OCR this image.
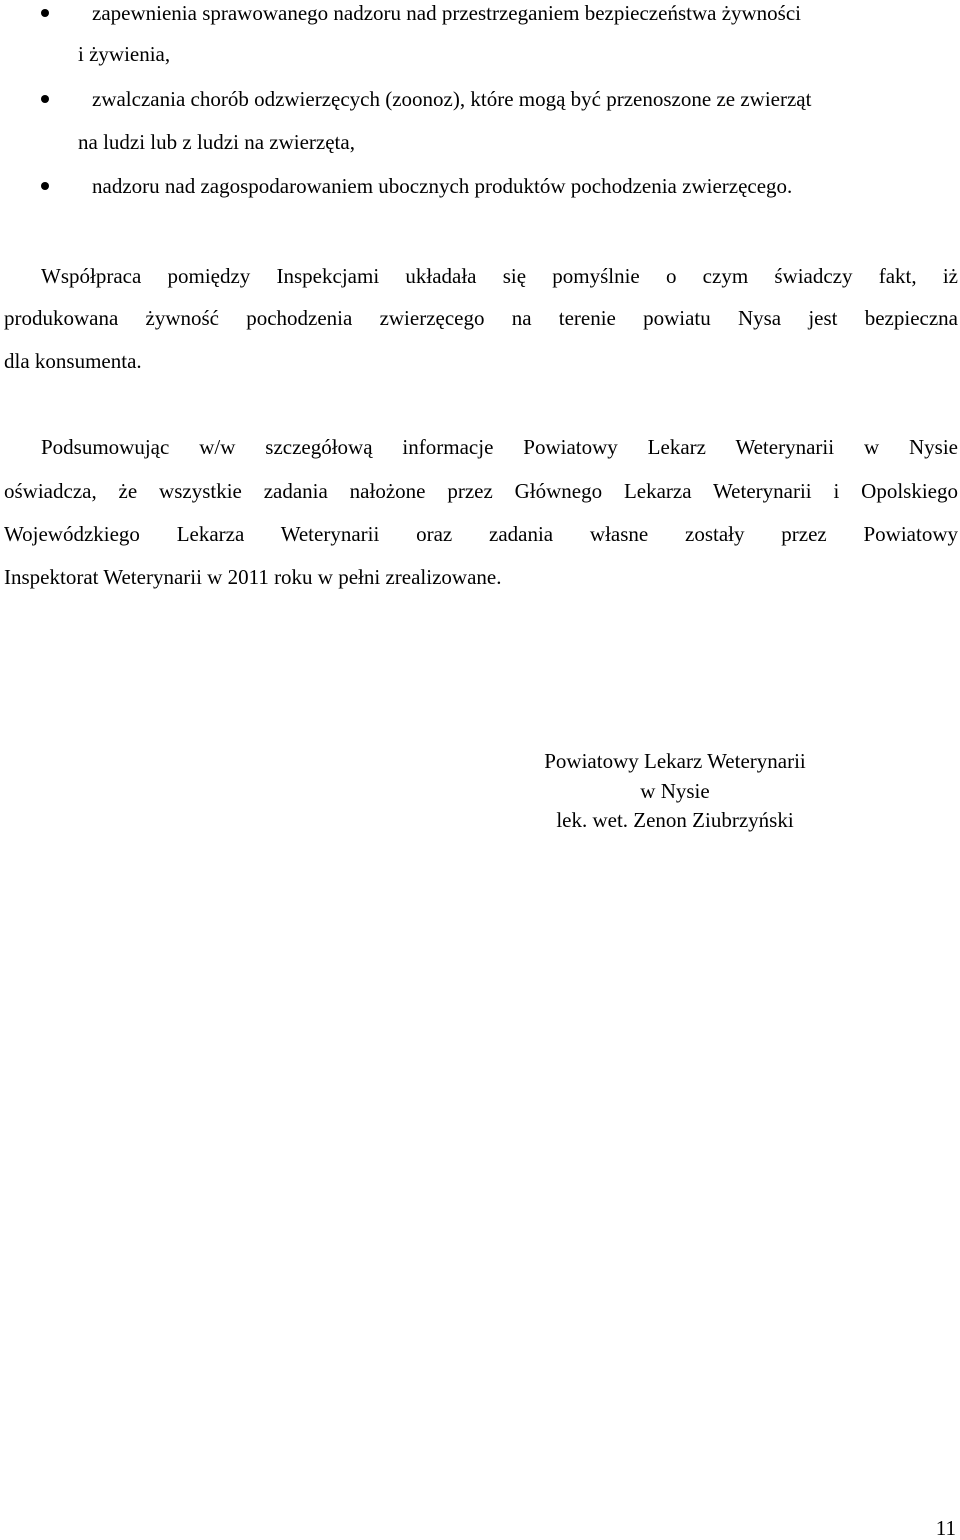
zapewnienia sprawowanego nadzoru nad przestrzeganiem bezpieczeństwa żywności
i żywienia,
zwalczania chorób odzwierzęcych (zoonoz), które mogą być przenoszone ze zwierząt
na ludzi lub z ludzi na zwierzęta,
nadzoru nad zagospodarowaniem ubocznych produktów pochodzenia zwierzęcego.
Współpraca pomiędzy Inspekcjami układała się pomyślnie o czym świadczy fakt, iż
produkowana żywność pochodzenia zwierzęcego na terenie powiatu Nysa jest bezpieczna
dla konsumenta.
Podsumowując w/w szczegółową informacje Powiatowy Lekarz Weterynarii w Nysie
oświadcza, że wszystkie zadania nałożone przez Głównego Lekarza Weterynarii i Opolskiego
Wojewódzkiego Lekarza Weterynarii oraz zadania własne zostały przez Powiatowy
Inspektorat Weterynarii w 2011 roku w pełni zrealizowane.
Powiatowy Lekarz Weterynarii
w Nysie
lek. wet. Zenon Ziubrzyński
11
